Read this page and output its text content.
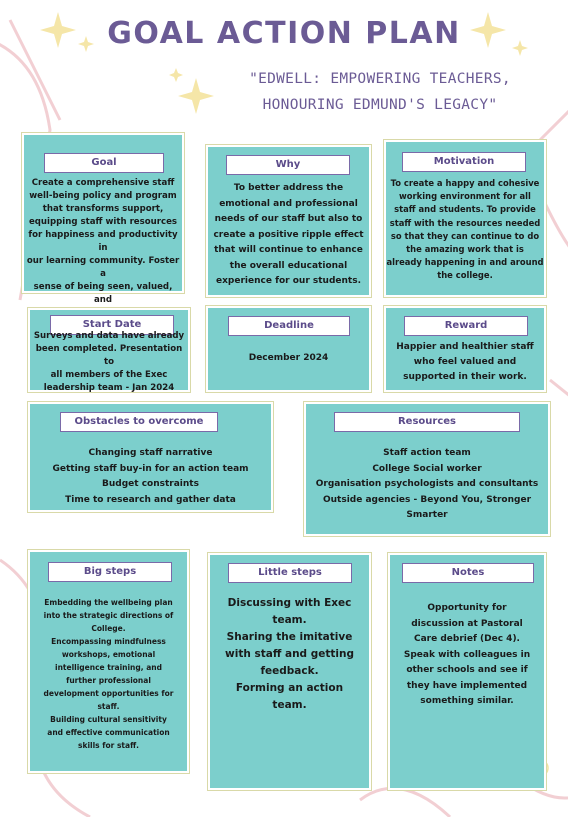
GOAL ACTION PLAN
"EDWELL: EMPOWERING TEACHERS,
HONOURING EDMUND'S LEGACY"
Goal
Create a comprehensive staff
well-being policy and program
that transforms support,
equipping staff with resources
for happiness and productivity in
our learning community. Foster a
sense of being seen, valued, and

Why
To better address the
emotional and professional
needs of our staff but also to
create a positive ripple effect
that will continue to enhance
the overall educational
experience for our students.
Motivation
To create a happy and cohesive
working environment for all
staff and students. To provide
staff with the resources needed
so that they can continue to do
the amazing work that is
already happening in and around
the college.
Start Date
Surveys and data have already
been completed. Presentation to
all members of the Exec
leadership team - Jan 2024
Deadline
December 2024
Reward
Happier and healthier staff
who feel valued and
supported in their work.
Obstacles to overcome
Changing staff narrative
Getting staff buy-in for an action team
Budget constraints
Time to research and gather data
Resources
Staff action team
College Social worker
Organisation psychologists and consultants
Outside agencies - Beyond You, Stronger
Smarter
Big steps
Embedding the wellbeing plan
into the strategic directions of
College.
Encompassing mindfulness
workshops, emotional
intelligence training, and
further professional
development opportunities for
staff.
Building cultural sensitivity
and effective communication
skills for staff.
Little steps
Discussing with Exec
team.
Sharing the imitative
with staff and getting
feedback.
Forming an action
team.
Notes
Opportunity for
discussion at Pastoral
Care debrief (Dec 4).
Speak with colleagues in
other schools and see if
they have implemented
something similar.
